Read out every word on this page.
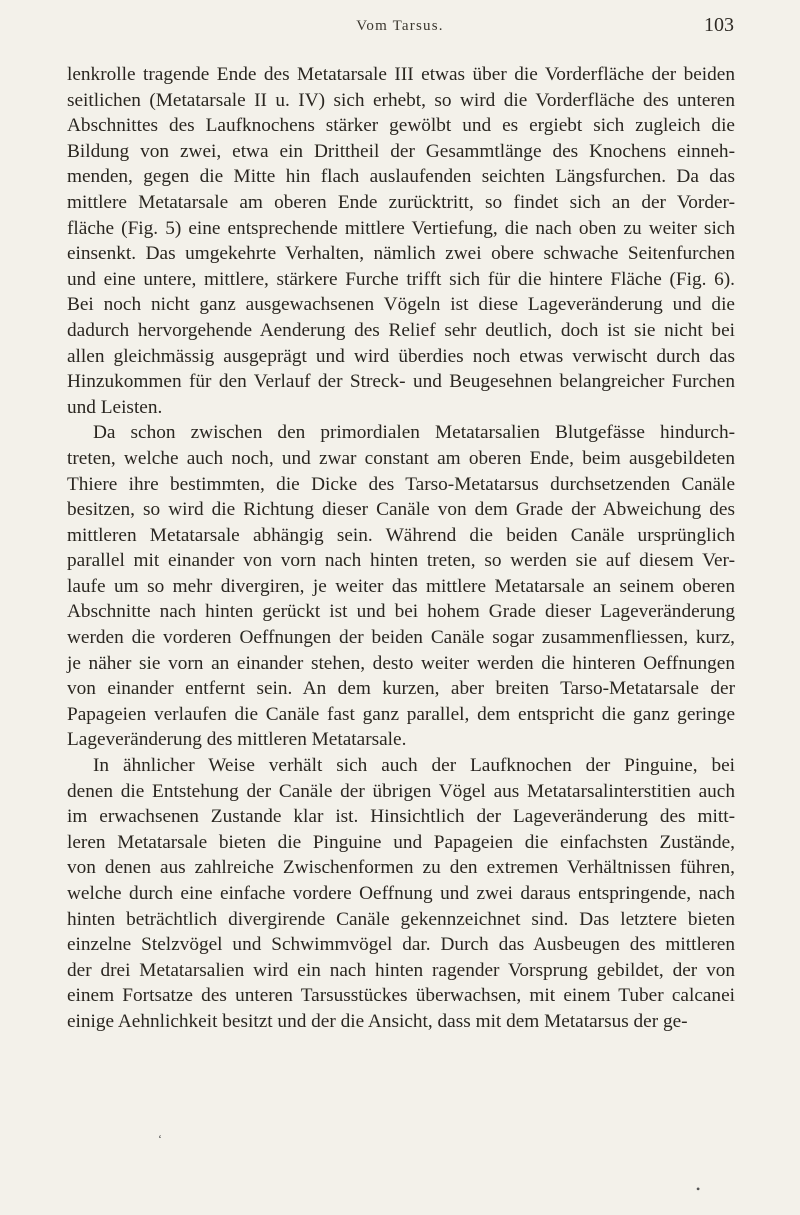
Vom Tarsus.	103
lenkrolle tragende Ende des Metatarsale III etwas über die Vorderfläche der beiden
seitlichen (Metatarsale II u. IV) sich erhebt, so wird die Vorderfläche des unteren
Abschnittes des Laufknochens stärker gewölbt und es ergiebt sich zugleich die
Bildung von zwei, etwa ein Drittheil der Gesammtlänge des Knochens einneh-
menden, gegen die Mitte hin flach auslaufenden seichten Längsfurchen. Da das
mittlere Metatarsale am oberen Ende zurücktritt, so findet sich an der Vorder-
fläche (Fig. 5) eine entsprechende mittlere Vertiefung, die nach oben zu weiter sich
einsenkt. Das umgekehrte Verhalten, nämlich zwei obere schwache Seitenfurchen
und eine untere, mittlere, stärkere Furche trifft sich für die hintere Fläche (Fig. 6).
Bei noch nicht ganz ausgewachsenen Vögeln ist diese Lageveränderung und die
dadurch hervorgehende Aenderung des Relief sehr deutlich, doch ist sie nicht bei
allen gleichmässig ausgeprägt und wird überdies noch etwas verwischt durch das
Hinzukommen für den Verlauf der Streck- und Beugesehnen belangreicher Furchen
und Leisten.
Da schon zwischen den primordialen Metatarsalien Blutgefässe hindurch-
treten, welche auch noch, und zwar constant am oberen Ende, beim ausgebildeten
Thiere ihre bestimmten, die Dicke des Tarso-Metatarsus durchsetzenden Canäle
besitzen, so wird die Richtung dieser Canäle von dem Grade der Abweichung des
mittleren Metatarsale abhängig sein. Während die beiden Canäle ursprünglich
parallel mit einander von vorn nach hinten treten, so werden sie auf diesem Ver-
laufe um so mehr divergiren, je weiter das mittlere Metatarsale an seinem oberen
Abschnitte nach hinten gerückt ist und bei hohem Grade dieser Lageveränderung
werden die vorderen Oeffnungen der beiden Canäle sogar zusammenfliessen, kurz,
je näher sie vorn an einander stehen, desto weiter werden die hinteren Oeffnungen
von einander entfernt sein. An dem kurzen, aber breiten Tarso-Metatarsale der
Papageien verlaufen die Canäle fast ganz parallel, dem entspricht die ganz geringe
Lageveränderung des mittleren Metatarsale.
In ähnlicher Weise verhält sich auch der Laufknochen der Pinguine, bei
denen die Entstehung der Canäle der übrigen Vögel aus Metatarsalinterstitien auch
im erwachsenen Zustande klar ist. Hinsichtlich der Lageveränderung des mitt-
leren Metatarsale bieten die Pinguine und Papageien die einfachsten Zustände,
von denen aus zahlreiche Zwischenformen zu den extremen Verhältnissen führen,
welche durch eine einfache vordere Oeffnung und zwei daraus entspringende, nach
hinten beträchtlich divergirende Canäle gekennzeichnet sind. Das letztere bieten
einzelne Stelzvögel und Schwimmvögel dar. Durch das Ausbeugen des mittleren
der drei Metatarsalien wird ein nach hinten ragender Vorsprung gebildet, der von
einem Fortsatze des unteren Tarsusstückes überwachsen, mit einem Tuber calcanei
einige Aehnlichkeit besitzt und der die Ansicht, dass mit dem Metatarsus der ge-
‘
•
